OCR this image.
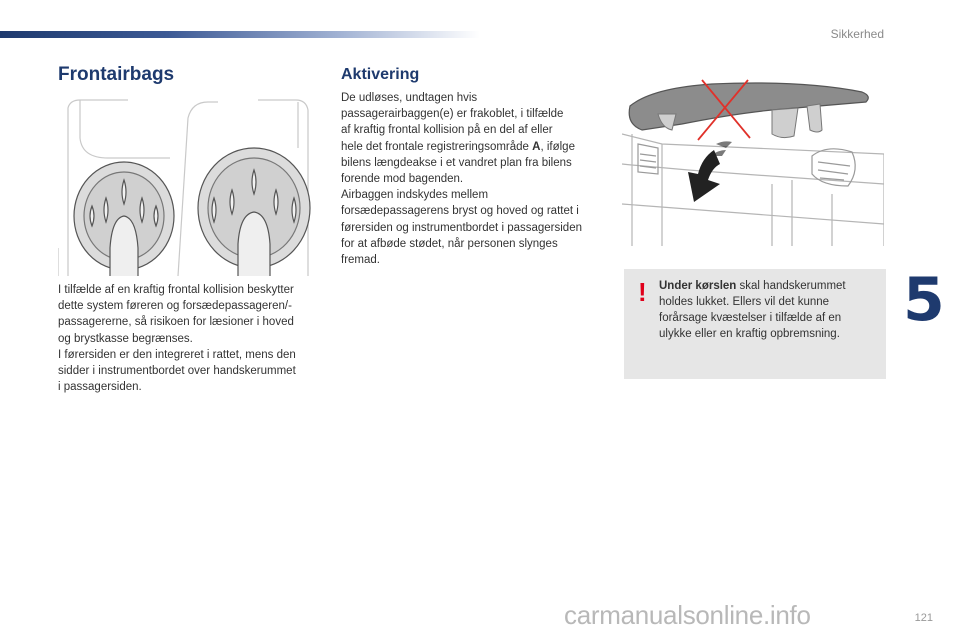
Sikkerhed
5
Frontairbags

I tilfælde af en kraftig frontal kollision beskytter
dette system føreren og forsædepassageren/-
passagererne, så risikoen for læsioner i hoved
og brystkasse begrænses.
I førersiden er den integreret i rattet, mens den
sidder i instrumentbordet over handskerummet
i passagersiden.

Aktivering

De udløses, undtagen hvis
passagerairbaggen(e) er frakoblet, i tilfælde
af kraftig frontal kollision på en del af eller
hele det frontale registreringsområde A, ifølge
bilens længdeakse i et vandret plan fra bilens
forende mod bagenden.
Airbaggen indskydes mellem
forsædepassagerens bryst og hoved og rattet i
førersiden og instrumentbordet i passagersiden
for at afbøde stødet, når personen slynges
fremad.

! Under kørslen skal handskerummet
holdes lukket. Ellers vil det kunne
forårsage kvæstelser i tilfælde af en
ulykke eller en kraftig opbremsning.

121
carmanualsonline.info
